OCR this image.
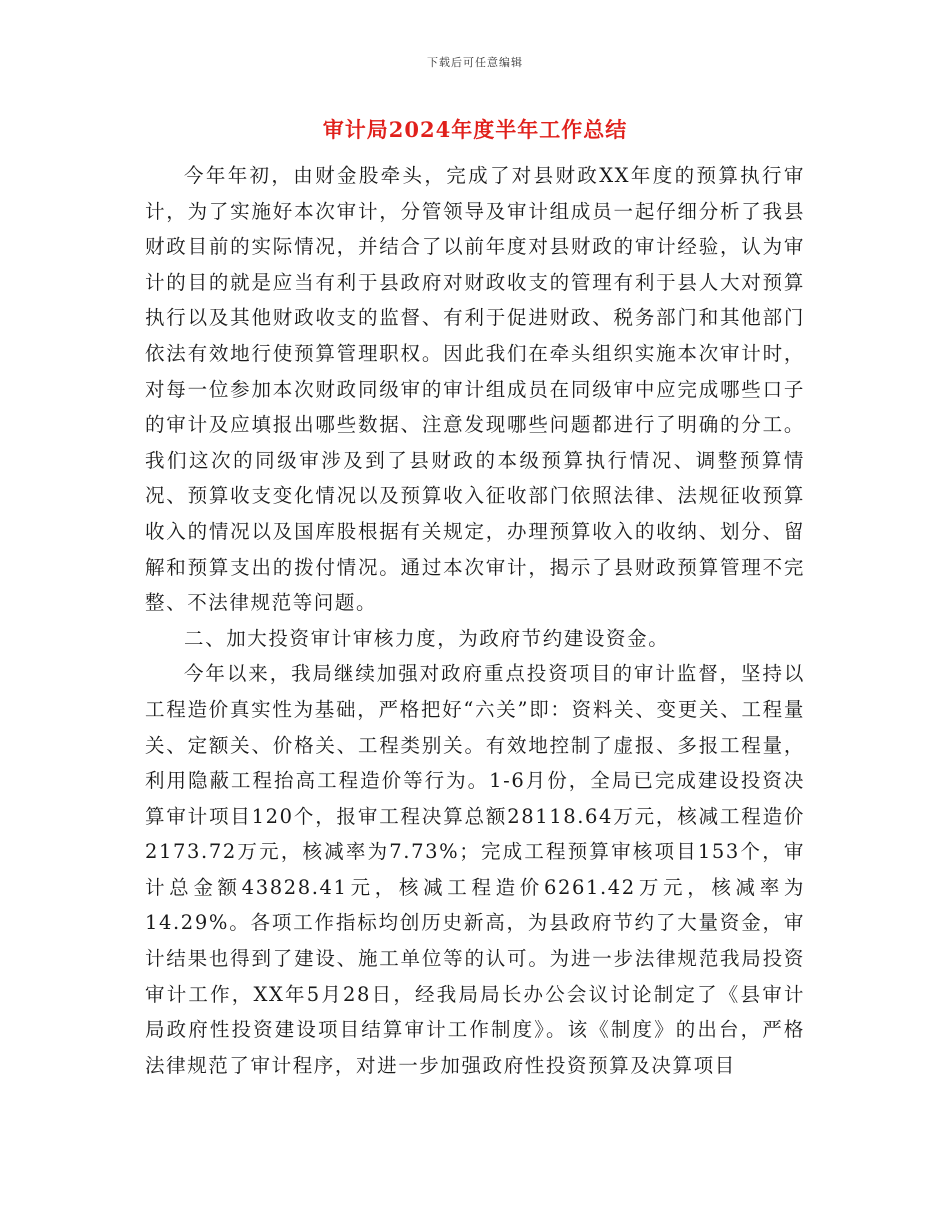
下载后可任意编辑
审计局2024年度半年工作总结

今年年初，由财金股牵头，完成了对县财政XX年度的预算执行审计，为了实施好本次审计，分管领导及审计组成员一起仔细分析了我县财政目前的实际情况，并结合了以前年度对县财政的审计经验，认为审计的目的就是应当有利于县政府对财政收支的管理有利于县人大对预算执行以及其他财政收支的监督、有利于促进财政、税务部门和其他部门依法有效地行使预算管理职权。因此我们在牵头组织实施本次审计时，对每一位参加本次财政同级审的审计组成员在同级审中应完成哪些口子的审计及应填报出哪些数据、注意发现哪些问题都进行了明确的分工。我们这次的同级审涉及到了县财政的本级预算执行情况、调整预算情况、预算收支变化情况以及预算收入征收部门依照法律、法规征收预算收入的情况以及国库股根据有关规定，办理预算收入的收纳、划分、留解和预算支出的拨付情况。通过本次审计，揭示了县财政预算管理不完整、不法律规范等问题。

二、加大投资审计审核力度，为政府节约建设资金。

今年以来，我局继续加强对政府重点投资项目的审计监督，坚持以工程造价真实性为基础，严格把好“六关”即：资料关、变更关、工程量关、定额关、价格关、工程类别关。有效地控制了虚报、多报工程量，利用隐蔽工程抬高工程造价等行为。1-6月份，全局已完成建设投资决算审计项目120个，报审工程决算总额28118.64万元，核减工程造价2173.72万元，核减率为7.73%；完成工程预算审核项目153个，审计总金额43828.41元，核减工程造价6261.42万元，核减率为14.29%。各项工作指标均创历史新高，为县政府节约了大量资金，审计结果也得到了建设、施工单位等的认可。为进一步法律规范我局投资审计工作，XX年5月28日，经我局局长办公会议讨论制定了《县审计局政府性投资建设项目结算审计工作制度》。该《制度》的出台，严格法律规范了审计程序，对进一步加强政府性投资预算及决算项目
